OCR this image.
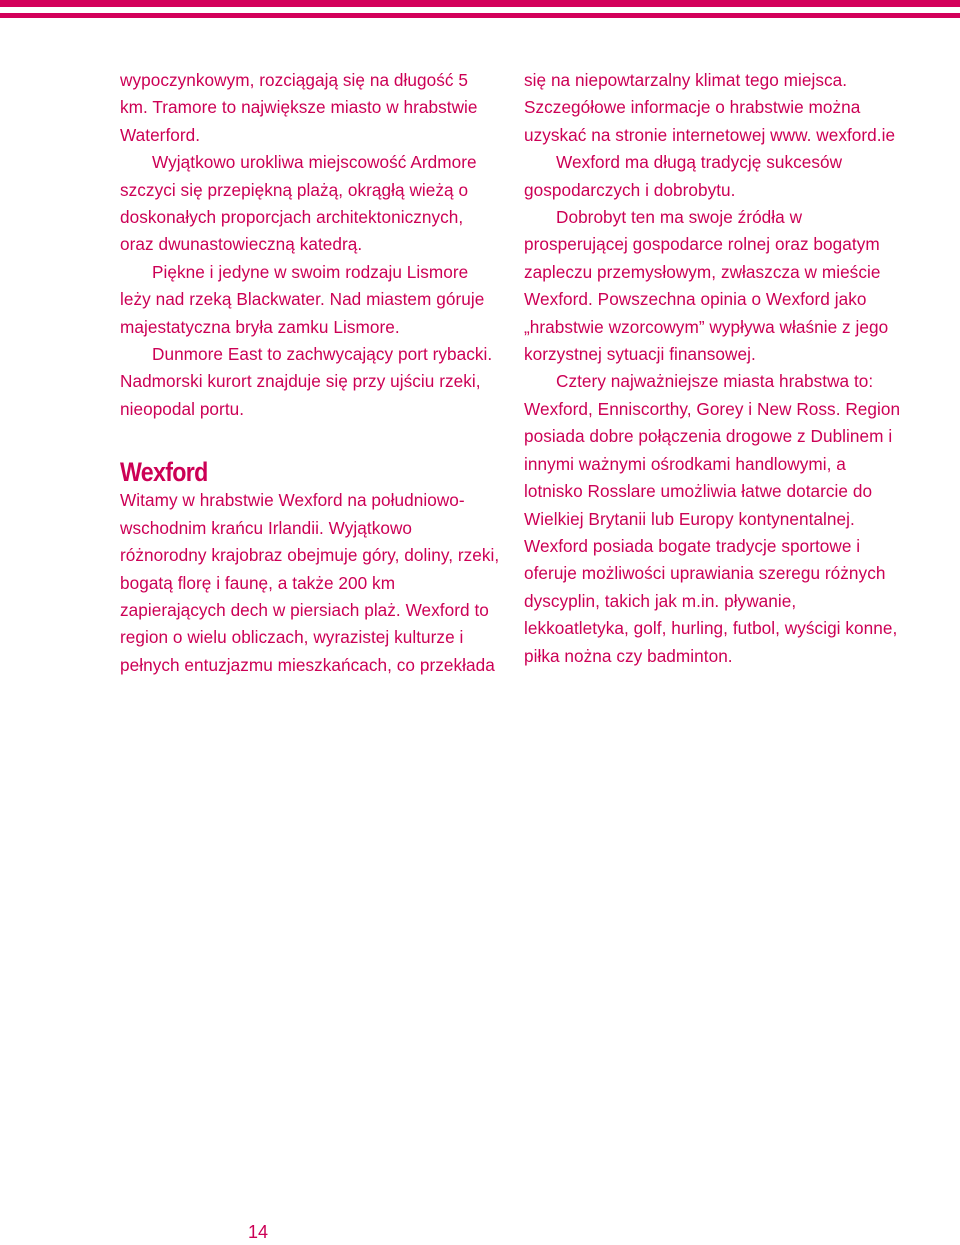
wypoczynkowym, rozciągają się na długość 5 km. Tramore to największe miasto w hrabstwie Waterford.

Wyjątkowo urokliwa miejscowość Ardmore szczyci się przepiękną plażą, okrągłą wieżą o doskonałych proporcjach architektonicznych, oraz dwunastowieczną katedrą.

Piękne i jedyne w swoim rodzaju Lismore leży nad rzeką Blackwater. Nad miastem góruje majestatyczna bryła zamku Lismore.

Dunmore East to zachwycający port rybacki. Nadmorski kurort znajduje się przy ujściu rzeki, nieopodal portu.

Wexford

Witamy w hrabstwie Wexford na południowo-wschodnim krańcu Irlandii. Wyjątkowo różnorodny krajobraz obejmuje góry, doliny, rzeki, bogatą florę i faunę, a także 200 km zapierających dech w piersiach plaż. Wexford to region o wielu obliczach, wyrazistej kulturze i pełnych entuzjazmu mieszkańcach, co przekłada

się na niepowtarzalny klimat tego miejsca. Szczegółowe informacje o hrabstwie można uzyskać na stronie internetowej www. wexford.ie

Wexford ma długą tradycję sukcesów gospodarczych i dobrobytu.

Dobrobyt ten ma swoje źródła w prosperującej gospodarce rolnej oraz bogatym zapleczu przemysłowym, zwłaszcza w mieście Wexford. Powszechna opinia o Wexford jako „hrabstwie wzorcowym” wypływa właśnie z jego korzystnej sytuacji finansowej.

Cztery najważniejsze miasta hrabstwa to: Wexford, Enniscorthy, Gorey i New Ross. Region posiada dobre połączenia drogowe z Dublinem i innymi ważnymi ośrodkami handlowymi, a lotnisko Rosslare umożliwia łatwe dotarcie do Wielkiej Brytanii lub Europy kontynentalnej. Wexford posiada bogate tradycje sportowe i oferuje możliwości uprawiania szeregu różnych dyscyplin, takich jak m.in. pływanie, lekkoatletyka, golf, hurling, futbol, wyścigi konne, piłka nożna czy badminton.

14
